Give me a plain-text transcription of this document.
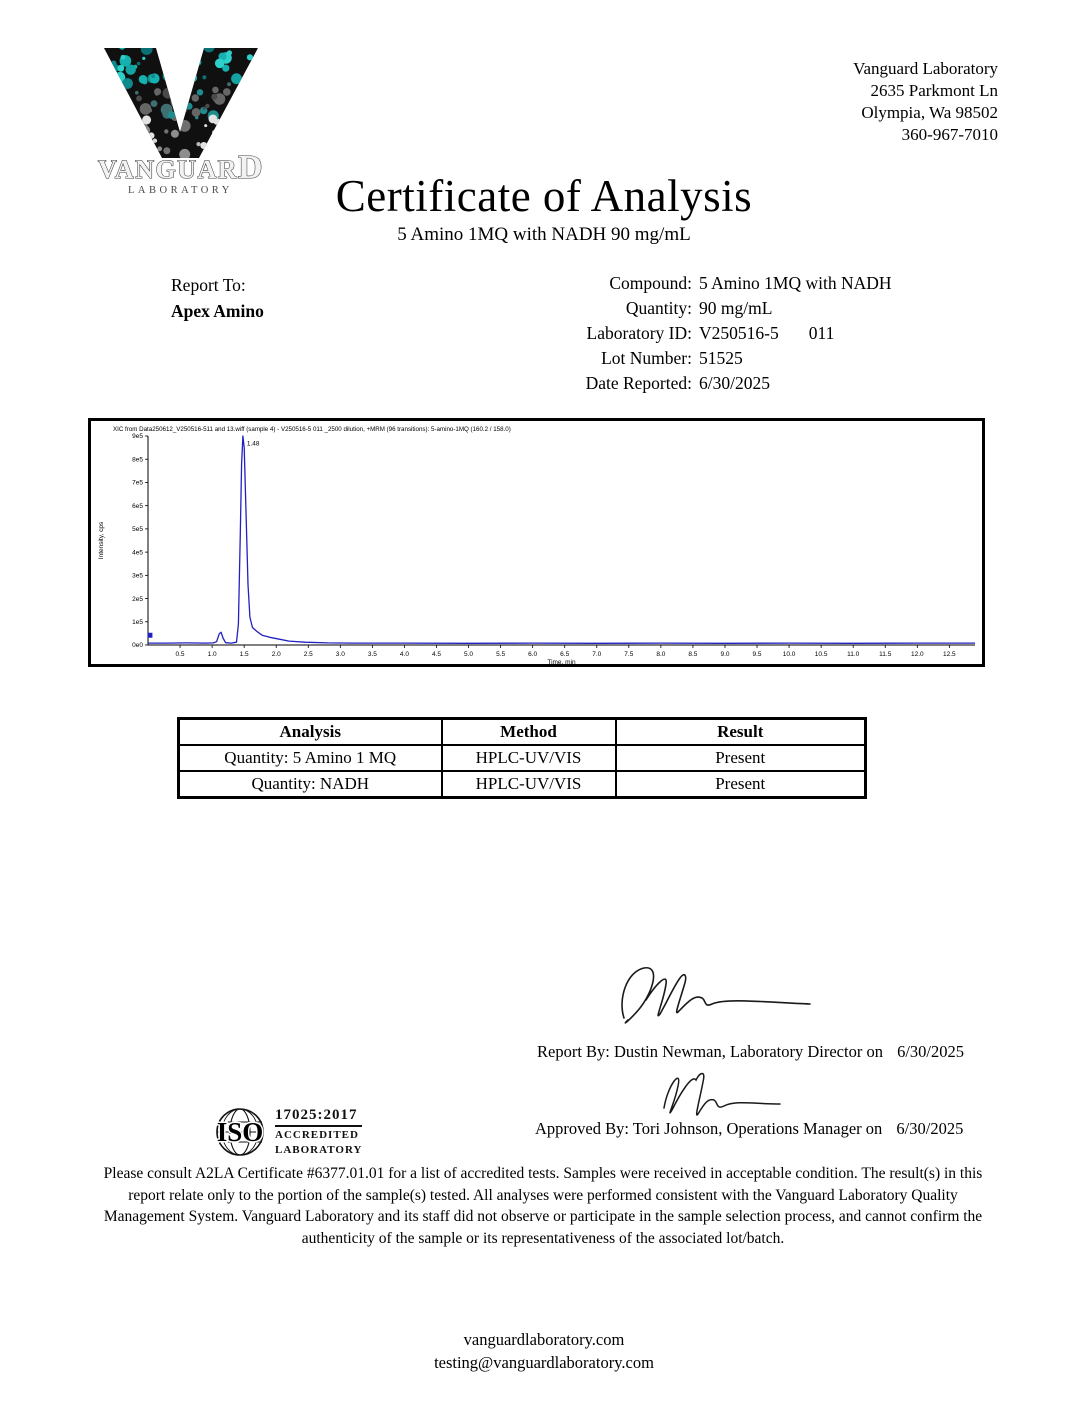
VANGUARD
LABORATORY
Vanguard Laboratory
2635 Parkmont Ln
Olympia, Wa 98502
360-967-7010
Certificate of Analysis
5 Amino 1MQ with NADH 90 mg/mL
Report To:
Apex Amino
Compound: 5 Amino 1MQ with NADH
Quantity: 90 mg/mL
Laboratory ID: V250516-5 011
Lot Number: 51525
Date Reported: 6/30/2025
XIC from Data250612_V250516-511 and 13.wiff (sample 4) - V250516-5 011 _2500 dilution, +MRM (96 transitions): 5-amino-1MQ (160.2 / 158.0)
9e5
8e5
7e5
6e5
5e5
4e5
3e5
2e5
1e5
0e0
0.5	1.0	1.5	2.0	2.5	3.0	3.5	4.0	4.5	5.0	5.5	6.0	6.5	7.0	7.5	8.0	8.5	9.0	9.5	10.0	10.5	11.0	11.5	12.0	12.5
Time, min
Intensity, cps
1.48
Analysis	Method	Result
Quantity: 5 Amino 1 MQ	HPLC-UV/VIS	Present
Quantity: NADH	HPLC-UV/VIS	Present
Report By: Dustin Newman, Laboratory Director on 6/30/2025
Approved By: Tori Johnson, Operations Manager on 6/30/2025
ISO
17025:2017
ACCREDITED
LABORATORY
Please consult A2LA Certificate #6377.01.01 for a list of accredited tests. Samples were received in acceptable condition. The result(s) in this report relate only to the portion of the sample(s) tested. All analyses were performed consistent with the Vanguard Laboratory Quality Management System. Vanguard Laboratory and its staff did not observe or participate in the sample selection process, and cannot confirm the authenticity of the sample or its representativeness of the associated lot/batch.
vanguardlaboratory.com
testing@vanguardlaboratory.com
